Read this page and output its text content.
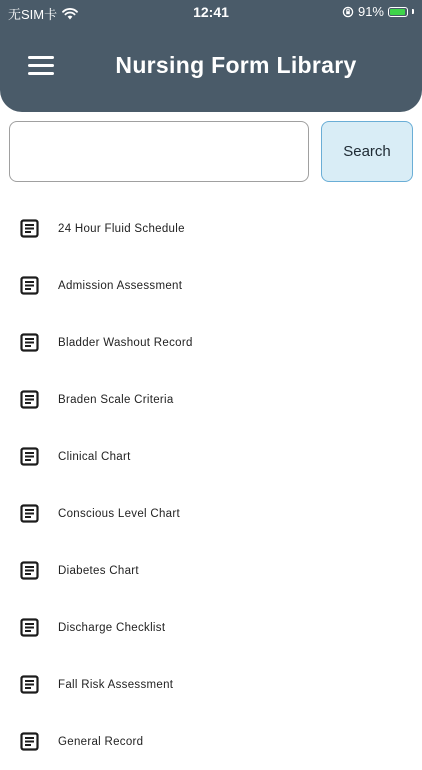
无SIM卡	12:41	91%
Nursing Form Library
Search
24 Hour Fluid Schedule
Admission Assessment
Bladder Washout Record
Braden Scale Criteria
Clinical Chart
Conscious Level Chart
Diabetes Chart
Discharge Checklist
Fall Risk Assessment
General Record
